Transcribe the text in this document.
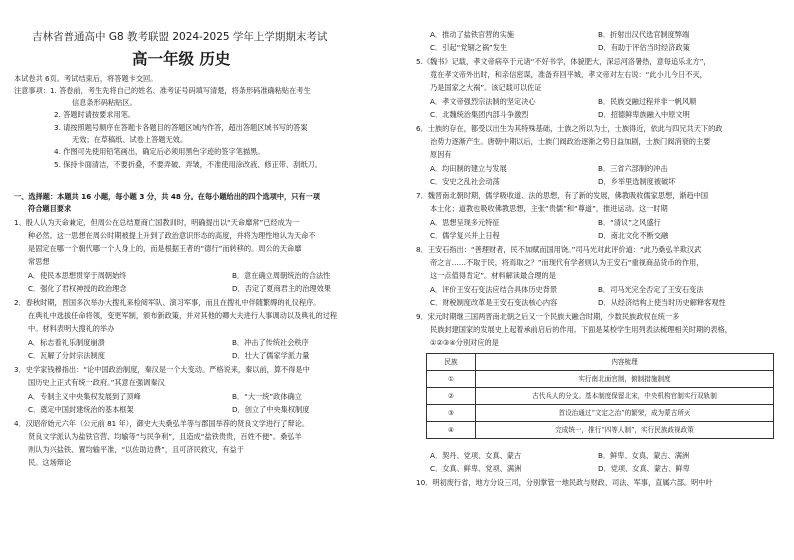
吉林省普通高中 G8 教考联盟 2024-2025 学年上学期期末考试
高一年级 历史
本试卷共 6页。考试结束后，将答题卡交回。
注意事项：1. 答卷前，考生先将自己的姓名、准考证号码填写清楚，将条形码准确粘贴在考生
信息条形码粘贴区。
2. 答题时请按要求用笔。
3. 请按照题号顺序在答题卡各题目的答题区域内作答，超出答题区域书写的答案
无效；在草稿纸、试卷上答题无效。
4. 作图可先使用铅笔画出，确定后必须用黑色字迹的签字笔描黑。
5. 保持卡面清洁，不要折叠，不要弄破、弄皱，不准使用涂改液、修正带、刮纸刀。
一、选择题：本题共 16 小题，每小题 3 分，共 48 分。在每小题给出的四个选项中，只有一项
符合题目要求
1、殷人认为天命兼定，但周公在总结夏商亡国教训时，明确提出以“天命靡常”已经成为一
种必然。这一思想在周公时期被提上升到了政治意识形态的高度，并将为理性地认为天命不
是固定在哪一个朝代哪一个人身上的，而是根据王者的“德行”而转移的。周公的天命靡
常思想
A．使民本思想贯穿于周朝始终	B．意在确立周朝统治的合法性
C．强化了君权神授的政治理念	D．否定了夏商君主的治理效果
2．春秋时期，晋国多次举办大搜礼来检阅军队、演习军事，而且在搜礼中伴随繁缛的礼仪程序。
在典礼中选拔任命将领，变更军制，颁布新政策，并对其他的卿大夫进行人事调动以及典礼的过程
中。材料表明大搜礼的举办
A．标志着礼乐制度崩溃	B．冲击了传统社会秩序
C．瓦解了分封宗法制度	D．壮大了儒家学派力量
3．史学家钱穆指出：“论中国政治制度，秦汉是一个大变动。严格说来，秦以前，算不得是中
国历史上正式有统一政府。”其意在强调秦汉
A．专制主义中央集权发展到了顶峰	B．“大一统”政体确立
C．奠定中国封建统治的基本框架	D．创立了中央集权制度
4．汉昭帝始元六年（公元前 81 年），御史大夫桑弘羊等与郡国举荐的贤良文学进行了辩论。
贤良文学派认为盐铁官营、均输等“与民争利”，且造成“盐铁贵贵，百姓不便”。桑弘羊
则认为兴盐铁、置均输平准，“以佐助边费”，且可济民救灾，有益于
民。这场辩论
A．推动了盐铁官营的实施	B．折射出汉代选官制度弊端
C．引起“党锢之祸”发生	D．有助于评估当时经济政策
5.《魏书》记载，孝文帝病卒于元诸“不好书学，体貌肥大，深忌河洛暑热，意每追乐北方”，
竟在孝文帝外出时，和亲信密谋，准备弃回平城，孝文帝对左右说：“此小儿今日不灭，
乃是国家之大祸”。该记载可以佐证
A．孝文帝强烈宗法制的坚定决心	B．民族交融过程并非一帆风顺
C．北魏统治集团内部斗争激烈	D．招德鲜卑族融入中原文明
6．士族的存在，都受以出生为其特殊基础，士族之所以为士，士族得近，依此与四兄共天下的政
治势力逐渐产生。唐朝中期以后，士族门阀政治逐渐之势日益加剧，士族门阀消衰的主要
原因有
A．均田制的建立与发展	B．三省六部制的冲击
C．安史之乱社会动荡	D．乡举里选制度被破坏
7．魏晋南北朝时期，儒学吸收道、法的思想，有了新的发展，佛教吸收儒家思想，渐趋中国
本土化；道教也吸收佛教思想，主张“贵儒”和“尊道”，推进运动。这一时期
A．思想呈现多元特征	B．“清议”之风盛行
C．儒学复兴并上日程	D．南北文化不断交融
8．王安石指出：“善理财者，民不加赋而国用饶。”司马光对此评价道：“此乃桑弘羊欺汉武
帝之言……不取于民，将焉取之？”而现代有学者则认为王安石“重视商品货币的作用，
这一点值得肯定”。材料解读最合理的是
A．评价王安石变法应结合具体历史背景	B．司马光完全否定了王安石变法
C．财税制度改革是王安石变法核心内容	D．从经济结构上使当时历史解释客观性
9．宋元时期继三国两晋南北朝之后又一个民族大融合时期，少数民族政权在统一多
民族封建国家的发展史上起着承前启后的作用。下面是某校学生用列表法梳理相关时期的表格，
①②③④分别对应的是
民族	内容梳理
①	实行南北面官制，俯制措施制度
②	古代兵人的分支。基本制度保留北宋，中央机构官制实行双轨制
③	首设治通过“文定之治”的繁荣，成为蒙古所灭
④	完成统一，推行“四等人制”，实行民族歧视政策
A．契丹、党项、女真、蒙古	B．鲜卑、女真、蒙古、满洲
C．女真、鲜卑、党项、满洲	D．党项、女真、蒙古、鲜卑
10．明初废行省，地方分设三司，分别掌管一地民政与财政、司法、军事，直属六部。明中叶
